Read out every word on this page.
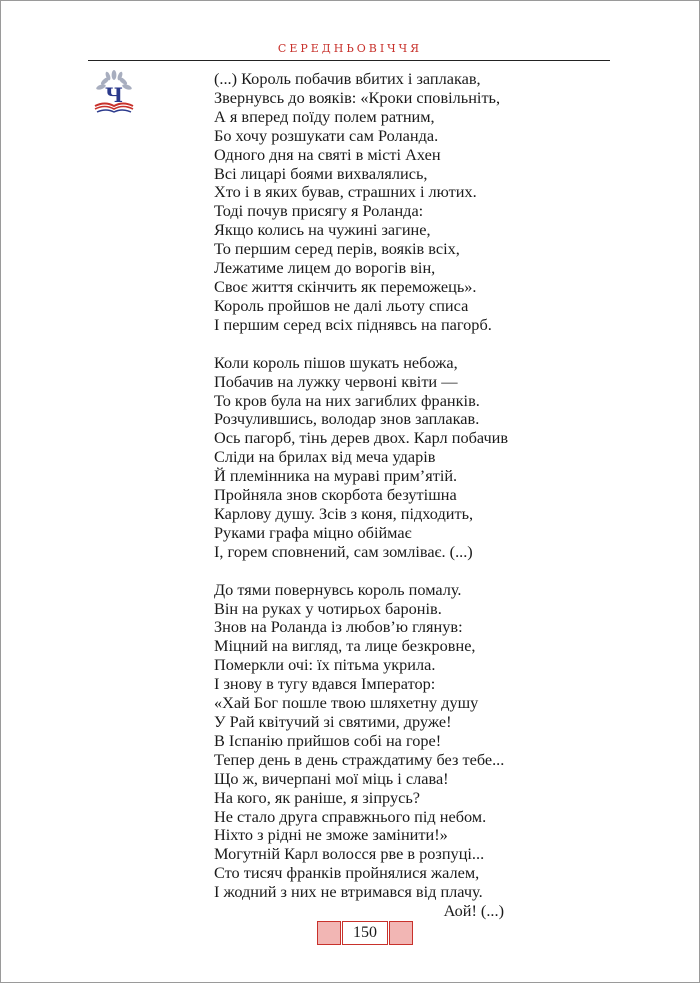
СЕРЕДНЬОВІЧЧЯ
Ч
(...) Король побачив вбитих і заплакав,
Звернувсь до вояків: «Кроки сповільніть,
А я вперед поїду полем ратним,
Бо хочу розшукати сам Роланда.
Одного дня на святі в місті Ахен
Всі лицарі боями вихвалялись,
Хто і в яких бував, страшних і лютих.
Тоді почув присягу я Роланда:
Якщо колись на чужині загине,
То першим серед перів, вояків всіх,
Лежатиме лицем до ворогів він,
Своє життя скінчить як переможець».
Король пройшов не далі льоту списа
І першим серед всіх піднявсь на пагорб.
Коли король пішов шукать небожа,
Побачив на лужку червоні квіти —
То кров була на них загиблих франків.
Розчулившись, володар знов заплакав.
Ось пагорб, тінь дерев двох. Карл побачив
Сліди на брилах від меча ударів
Й племінника на мураві прим’ятій.
Пройняла знов скорбота безутішна
Карлову душу. Зсів з коня, підходить,
Руками графа міцно обіймає
І, горем сповнений, сам зомліває. (...)
До тями повернувсь король помалу.
Він на руках у чотирьох баронів.
Знов на Роланда із любов’ю глянув:
Міцний на вигляд, та лице безкровне,
Померкли очі: їх пітьма укрила.
І знову в тугу вдався Імператор:
«Хай Бог пошле твою шляхетну душу
У Рай квітучий зі святими, друже!
В Іспанію прийшов собі на горе!
Тепер день в день страждатиму без тебе...
Що ж, вичерпані мої міць і слава!
На кого, як раніше, я зіпрусь?
Не стало друга справжнього під небом.
Ніхто з рідні не зможе замінити!»
Могутній Карл волосся рве в розпуці...
Сто тисяч франків пройнялися жалем,
І жодний з них не втримався від плачу.
Аой! (...)
150
